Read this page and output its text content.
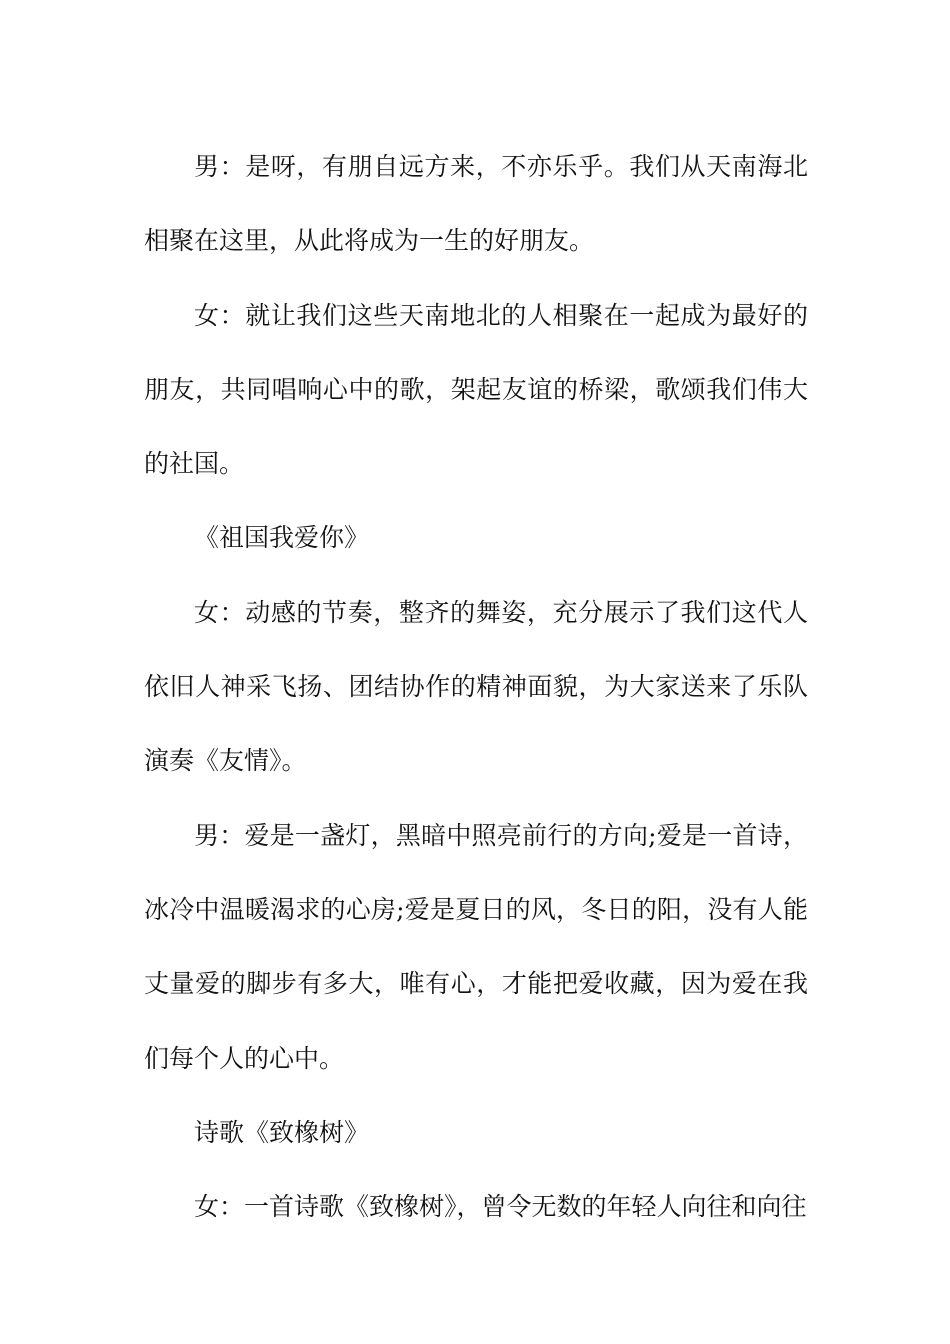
男：是呀，有朋自远方来，不亦乐乎。我们从天南海北相聚在这里，从此将成为一生的好朋友。

女：就让我们这些天南地北的人相聚在一起成为最好的朋友，共同唱响心中的歌，架起友谊的桥梁，歌颂我们伟大的社国。

《祖国我爱你》

女：动感的节奏，整齐的舞姿，充分展示了我们这代人依旧人神采飞扬、团结协作的精神面貌，为大家送来了乐队演奏《友情》。

男：爱是一盏灯，黑暗中照亮前行的方向;爱是一首诗，冰冷中温暖渴求的心房;爱是夏日的风，冬日的阳，没有人能丈量爱的脚步有多大，唯有心，才能把爱收藏，因为爱在我们每个人的心中。

诗歌《致橡树》

女：一首诗歌《致橡树》，曾令无数的年轻人向往和向往
